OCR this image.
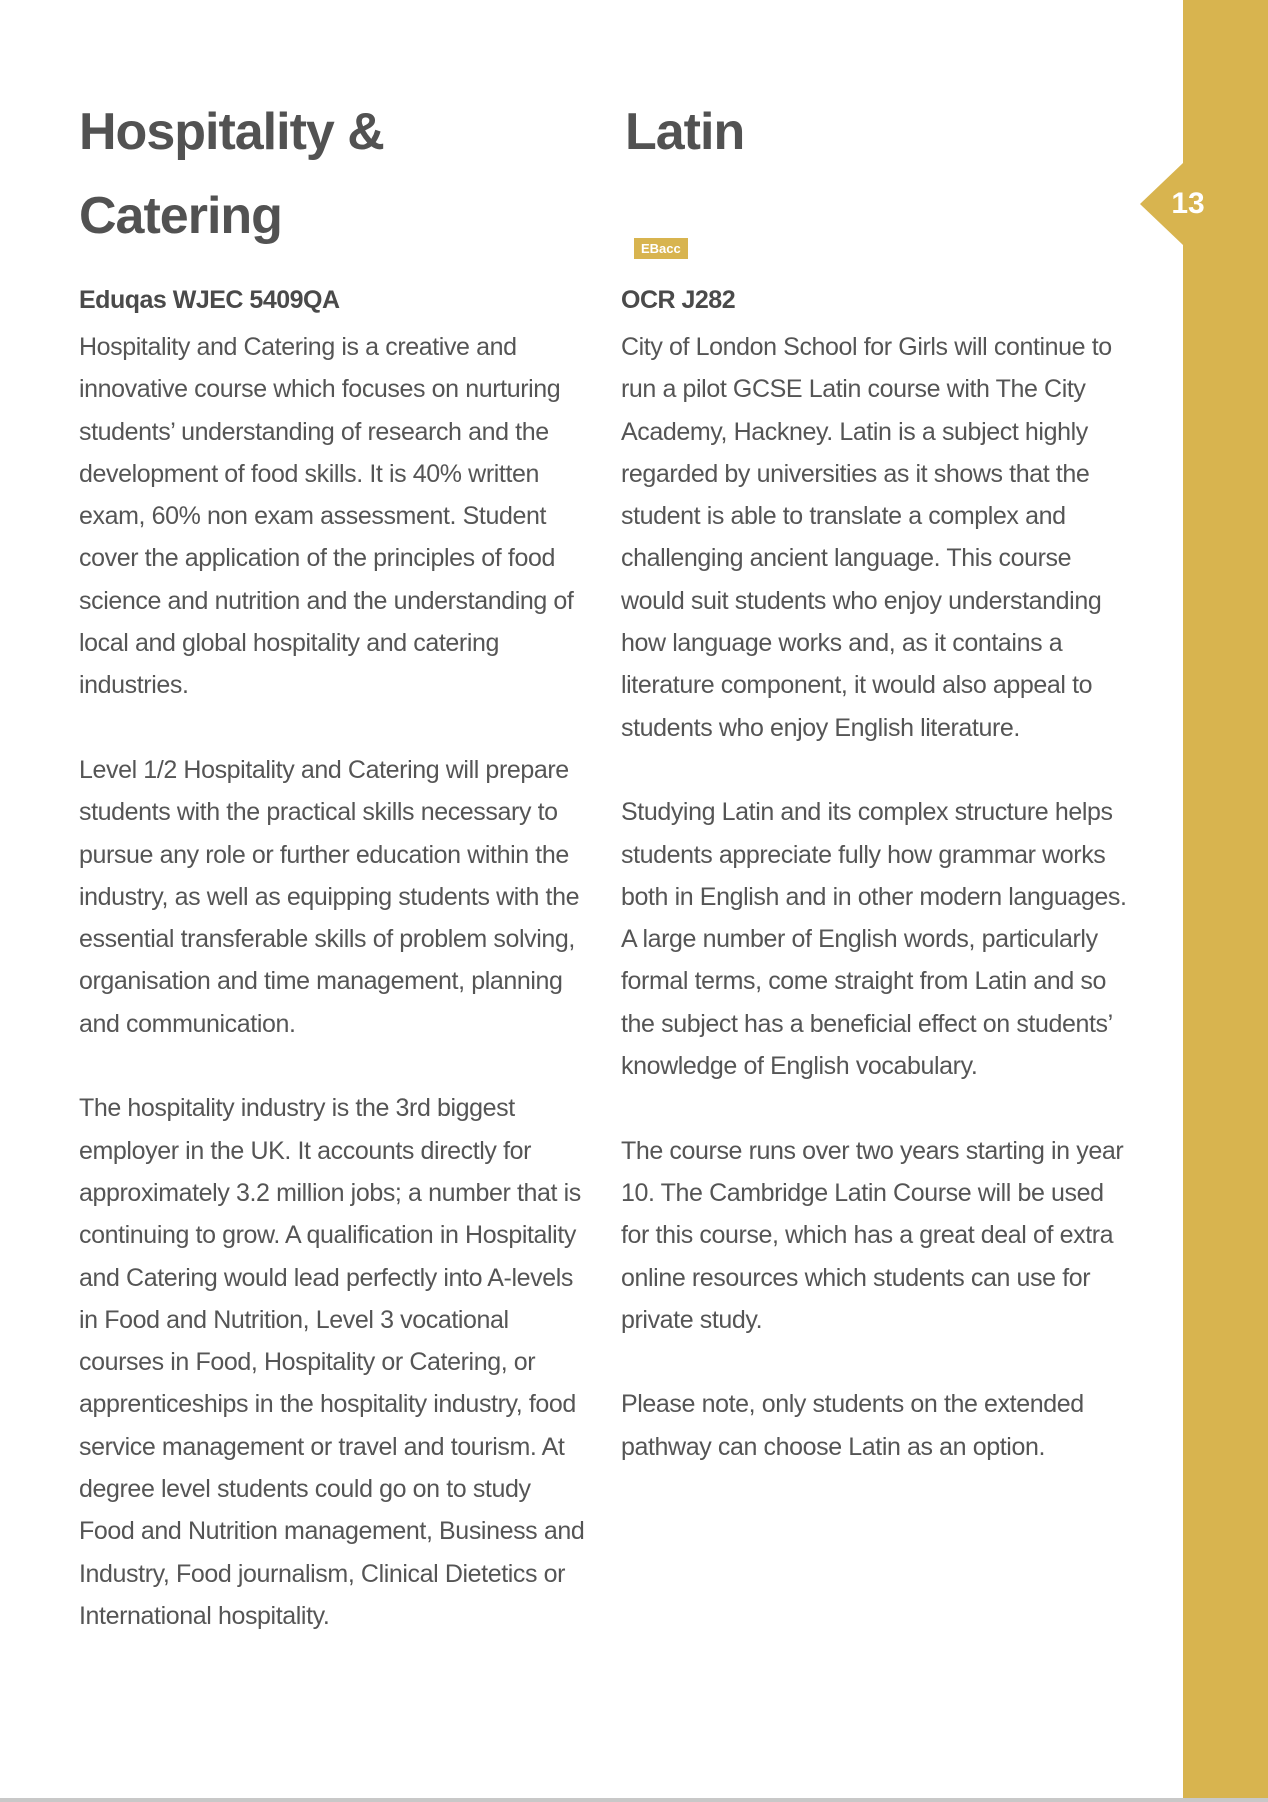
13
Hospitality &
Catering
Latin
EBacc
Eduqas WJEC 5409QA	OCR J282

Hospitality and Catering is a creative and innovative course which focuses on nurturing students’ understanding of research and the development of food skills. It is 40% written exam, 60% non exam assessment. Student cover the application of the principles of food science and nutrition and the understanding of local and global hospitality and catering industries.

Level 1/2 Hospitality and Catering will prepare students with the practical skills necessary to pursue any role or further education within the industry, as well as equipping students with the essential transferable skills of problem solving, organisation and time management, planning and communication.

The hospitality industry is the 3rd biggest employer in the UK. It accounts directly for approximately 3.2 million jobs; a number that is continuing to grow. A qualification in Hospitality and Catering would lead perfectly into A-levels in Food and Nutrition, Level 3 vocational courses in Food, Hospitality or Catering, or apprenticeships in the hospitality industry, food service management or travel and tourism. At degree level students could go on to study Food and Nutrition management, Business and Industry, Food journalism, Clinical Dietetics or International hospitality.

City of London School for Girls will continue to run a pilot GCSE Latin course with The City Academy, Hackney. Latin is a subject highly regarded by universities as it shows that the student is able to translate a complex and challenging ancient language. This course would suit students who enjoy understanding how language works and, as it contains a literature component, it would also appeal to students who enjoy English literature.

Studying Latin and its complex structure helps students appreciate fully how grammar works both in English and in other modern languages. A large number of English words, particularly formal terms, come straight from Latin and so the subject has a beneficial effect on students’ knowledge of English vocabulary.

The course runs over two years starting in year 10. The Cambridge Latin Course will be used for this course, which has a great deal of extra online resources which students can use for private study.

Please note, only students on the extended pathway can choose Latin as an option.
